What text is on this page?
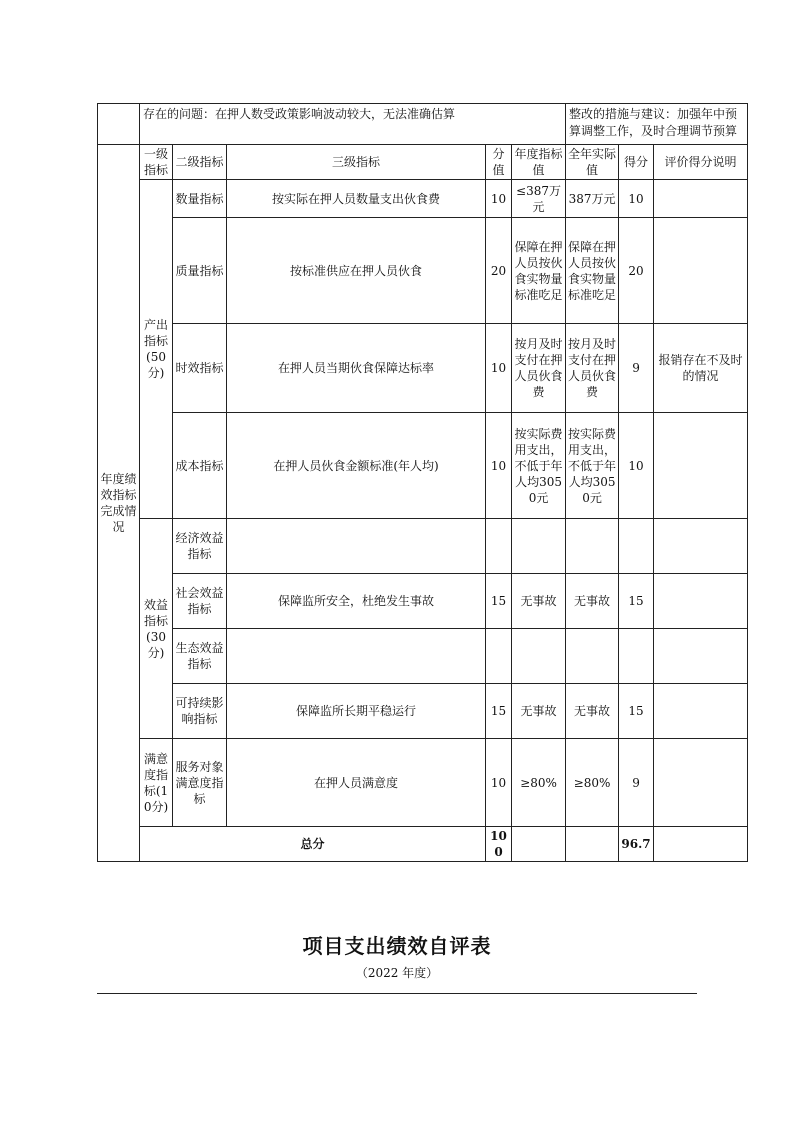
	存在的问题：在押人数受政策影响波动较大，无法准确估算					整改的措施与建议：加强年中预算调整工作，及时合理调节预算		
年度绩效指标完成情况	一级指标	二级指标	三级指标	分值	年度指标值	全年实际值	得分	评价得分说明
	产出指标(50分)	数量指标	按实际在押人员数量支出伙食费	10	≤387万元	387万元	10	
		质量指标	按标准供应在押人员伙食	20	保障在押人员按伙食实物量标准吃足	保障在押人员按伙食实物量标准吃足	20	
		时效指标	在押人员当期伙食保障达标率	10	按月及时支付在押人员伙食费	按月及时支付在押人员伙食费	9	报销存在不及时的情况
		成本指标	在押人员伙食金额标准(年人均)	10	按实际费用支出，不低于年人均3050元	按实际费用支出，不低于年人均3050元	10	
	效益指标(30分)	经济效益指标						
		社会效益指标	保障监所安全，杜绝发生事故	15	无事故	无事故	15	
		生态效益指标						
		可持续影响指标	保障监所长期平稳运行	15	无事故	无事故	15	
	满意度指标(10分)	服务对象满意度指标	在押人员满意度	10	≥80%	≥80%	9	
	总分			100			96.7	
项目支出绩效自评表
（2022 年度）
